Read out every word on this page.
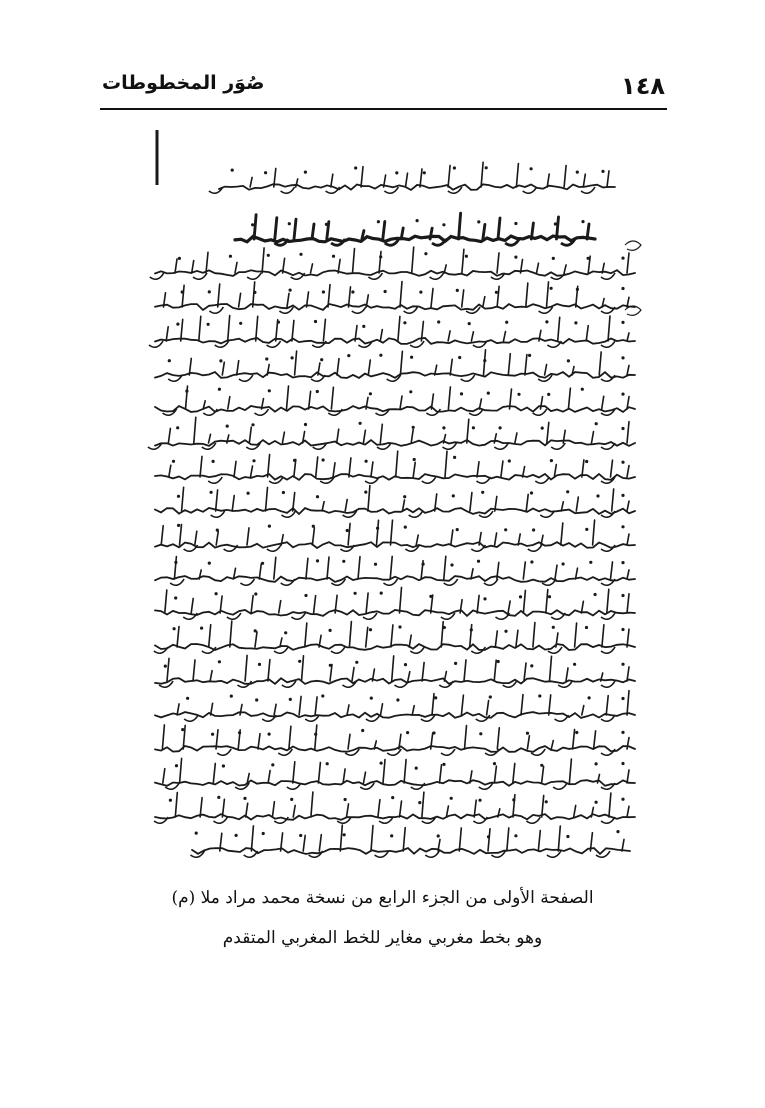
١٤٨
صُوَر المخطوطات
الصفحة الأولى من الجزء الرابع من نسخة محمد مراد ملا (م)
وهو بخط مغربي مغاير للخط المغربي المتقدم
